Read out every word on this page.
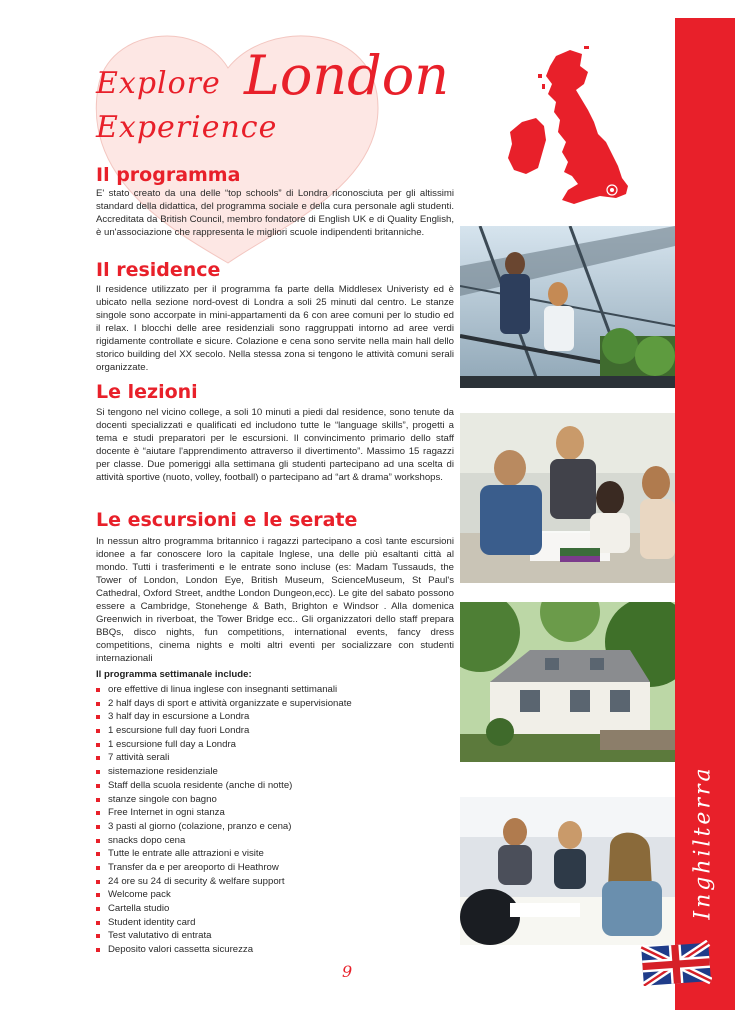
Explore London
Experience
Inghilterra
Il programma

E' stato creato da una delle “top schools” di Londra riconosciuta per gli altissimi standard della didattica, del programma sociale e della cura personale agli studenti. Accreditata da British Council, membro fondatore di English UK e di Quality English, è un'associazione che rappresenta le migliori scuole indipendenti britanniche.

Il residence

Il residence utilizzato per il programma fa parte della Middlesex Univeristy ed è ubicato nella sezione nord-ovest di Londra a soli 25 minuti dal centro. Le stanze singole sono accorpate in mini-appartamenti da 6 con aree comuni per lo studio ed il relax. I blocchi delle aree residenziali sono raggruppati intorno ad aree verdi rigidamente controllate e sicure. Colazione e cena sono servite nella main hall dello storico building del XX secolo. Nella stessa zona si tengono le attività comuni serali organizzate.

Le lezioni

Si tengono nel vicino college, a soli 10 minuti a piedi dal residence, sono tenute da docenti specializzati e qualificati ed includono tutte le “language skills”, progetti a tema e studi preparatori per le escursioni. Il convincimento primario dello staff docente è “aiutare l'apprendimento attraverso il divertimento”. Massimo 15 ragazzi per classe. Due pomeriggi alla settimana gli studenti partecipano ad una scelta di attività sportive (nuoto, volley, football) o partecipano ad “art & drama” workshops.

Le escursioni e le serate

In nessun altro programma britannico i ragazzi partecipano a così tante escursioni idonee a far conoscere loro la capitale Inglese, una delle più esaltanti città al mondo. Tutti i trasferimenti e le entrate sono incluse (es: Madam Tussauds, the Tower of London, London Eye, British Museum, ScienceMuseum, St Paul's Cathedral, Oxford Street, andthe London Dungeon,ecc). Le gite del sabato possono essere a Cambridge, Stonehenge & Bath, Brighton e Windsor . Alla domenica Greenwich in riverboat, the Tower Bridge ecc.. Gli organizzatori dello staff prepara BBQs, disco nights, fun competitions, international events, fancy dress competitions, cinema nights e molti altri eventi per socializzare con studenti internazionali

Il programma settimanale include:
ore effettive di linua inglese con insegnanti settimanali
2 half days di sport e attività organizzate e supervisionate
3 half day in escursione a Londra
1 escursione full day fuori Londra
1 escursione full day a Londra
7 attività serali
sistemazione residenziale
Staff della scuola residente (anche di notte)
stanze singole con bagno
Free Internet in ogni stanza
3 pasti al giorno (colazione, pranzo e cena)
snacks dopo cena
Tutte le entrate alle attrazioni e visite
Transfer da e per areoporto di Heathrow
24 ore su 24 di security & welfare support
Welcome pack
Cartella studio
Student identity card
Test valutativo di entrata
Deposito valori cassetta sicurezza
9
